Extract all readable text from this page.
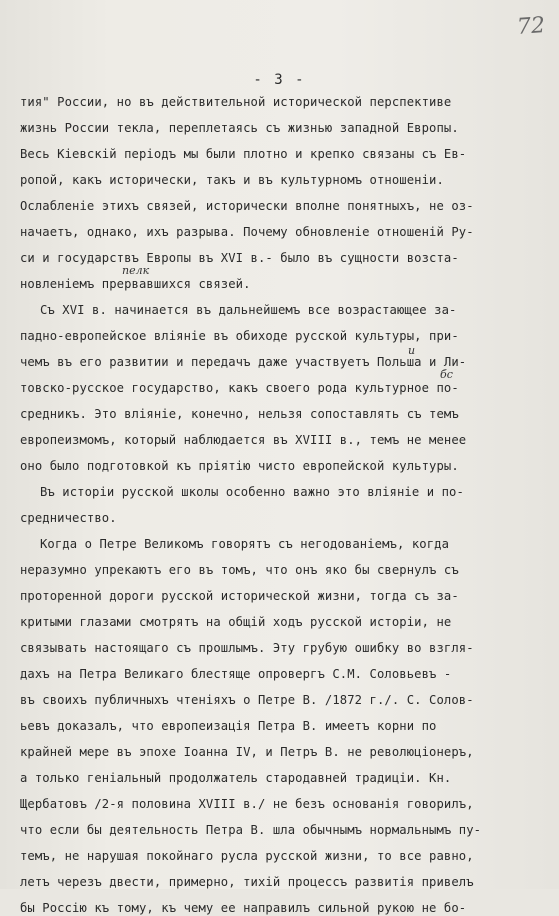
72
- 3 -
тия" России, но въ действительной исторической перспективе
жизнь России текла, переплетаясь съ жизнью западной Европы.
Весь Кіевскій періодъ мы были плотно и крепко связаны съ Ев-
ропой, какъ исторически, такъ и въ культурномъ отношеніи.
Ослабленіе этихъ связей, исторически вполне понятныхъ, не оз-
начаетъ, однако, ихъ разрыва. Почему обновленіе отношеній Ру-
си и государствъ Европы въ XVI в.- было въ сущности возста-
новленіемъ прервавшихся связей.
Съ XVI в. начинается въ дальнейшемъ все возрастающее за-
падно-европейское вліяніе въ обиходе русской культуры, при-
чемъ въ его развитии и передачъ даже участвуетъ Польша и Ли-
товско-русское государство, какъ своего рода культурное по-
средникъ. Это вліяніе, конечно, нельзя сопоставлять съ темъ
европеизмомъ, который наблюдается въ XVIII в., темъ не менее
оно было подготовкой къ пріятію чисто европейской культуры.
Въ исторіи русской школы особенно важно это вліяніе и по-
средничество.
Когда о Петре Великомъ говорятъ съ негодованіемъ, когда
неразумно упрекаютъ его въ томъ, что онъ яко бы свернулъ съ
проторенной дороги русской исторической жизни, тогда съ за-
критыми глазами смотрятъ на общій ходъ русской исторіи, не
связывать настоящаго съ прошлымъ. Эту грубую ошибку во взгля-
дахъ на Петра Великаго блестяще опровергъ С.М. Соловьевъ -
въ своихъ публичныхъ чтеніяхъ о Петре В. /1872 г./. С. Солов-
ьевъ доказалъ, что европеизація Петра В. имеетъ корни по
крайней мере въ эпохе Іоанна IV, и Петръ В. не революціонеръ,
а только геніальный продолжатель стародавней традиціи. Кн.
Щербатовъ /2-я половина XVIII в./ не безъ основанія говорилъ,
что если бы деятельность Петра В. шла обычнымъ нормальнымъ пу-
темъ, не нарушая покойнаго русла русской жизни, то все равно,
летъ черезъ двести, примерно, тихій процессъ развитія привелъ
бы Россію къ тому, къ чему ее направилъ сильной рукою не бо-
пелк
и
бс
